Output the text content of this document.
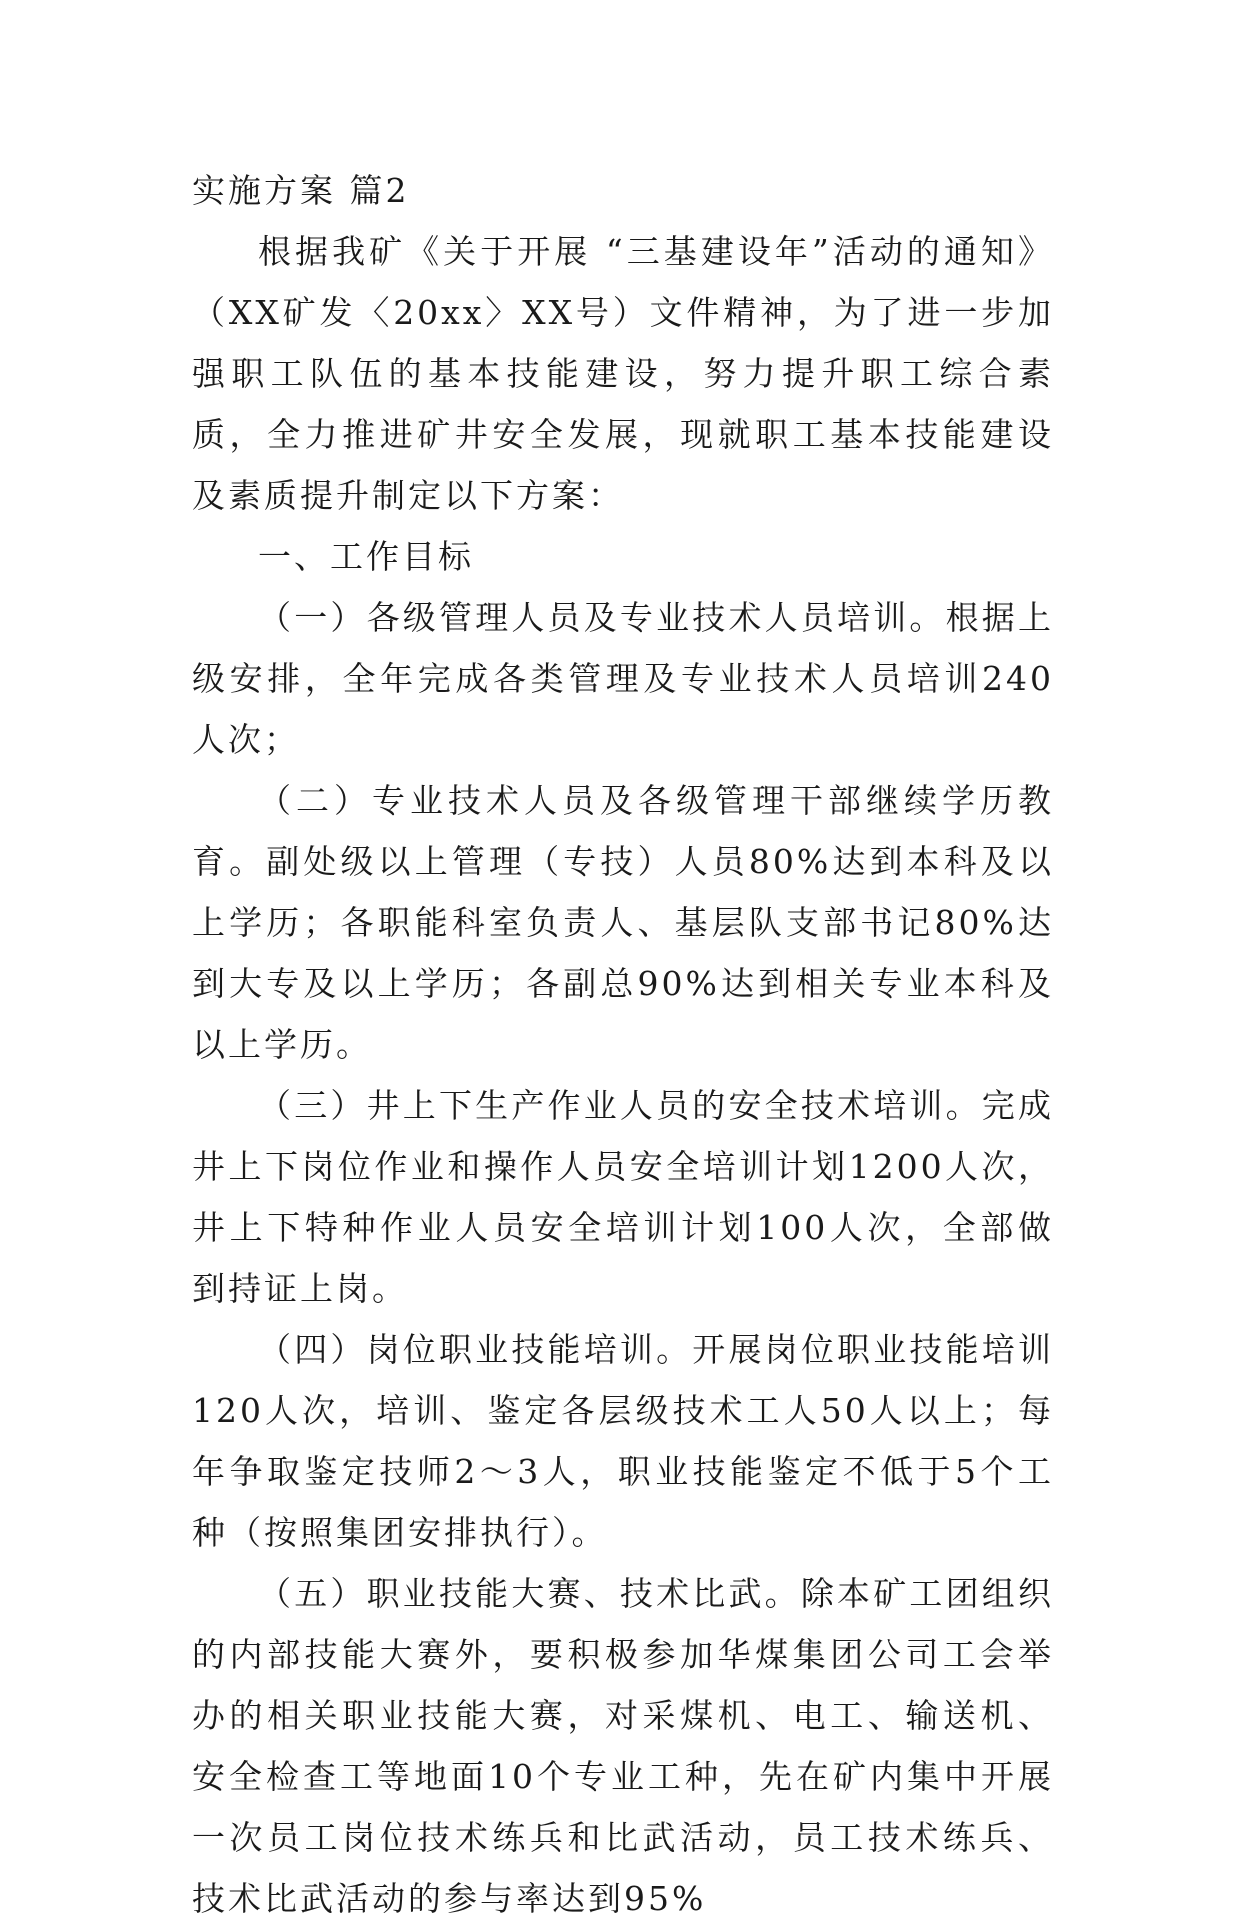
实施方案 篇2

根据我矿《关于开展 “三基建设年”活动的通知》（XX矿发〈20xx〉XX号）文件精神，为了进一步加强职工队伍的基本技能建设，努力提升职工综合素质，全力推进矿井安全发展，现就职工基本技能建设及素质提升制定以下方案：

一、工作目标

（一）各级管理人员及专业技术人员培训。根据上级安排，全年完成各类管理及专业技术人员培训240人次；

（二）专业技术人员及各级管理干部继续学历教育。副处级以上管理（专技）人员80%达到本科及以上学历；各职能科室负责人、基层队支部书记80%达到大专及以上学历；各副总90%达到相关专业本科及以上学历。

（三）井上下生产作业人员的安全技术培训。完成井上下岗位作业和操作人员安全培训计划1200人次，井上下特种作业人员安全培训计划100人次，全部做到持证上岗。

（四）岗位职业技能培训。开展岗位职业技能培训120人次，培训、鉴定各层级技术工人50人以上；每年争取鉴定技师2～3人，职业技能鉴定不低于5个工种（按照集团安排执行）。

（五）职业技能大赛、技术比武。除本矿工团组织的内部技能大赛外，要积极参加华煤集团公司工会举办的相关职业技能大赛，对采煤机、电工、输送机、安全检查工等地面10个专业工种，先在矿内集中开展一次员工岗位技术练兵和比武活动，员工技术练兵、技术比武活动的参与率达到95%
